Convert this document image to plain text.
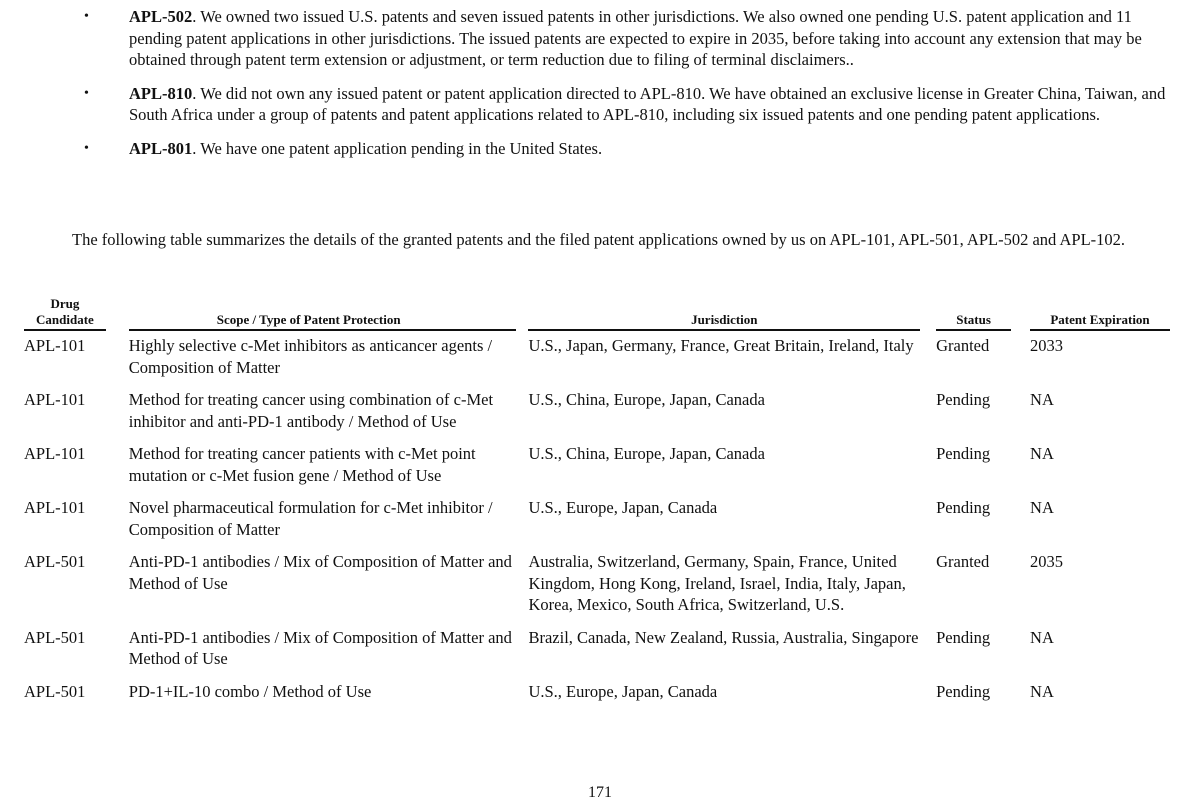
• APL-502. We owned two issued U.S. patents and seven issued patents in other jurisdictions. We also owned one pending U.S. patent application and 11 pending patent applications in other jurisdictions. The issued patents are expected to expire in 2035, before taking into account any extension that may be obtained through patent term extension or adjustment, or term reduction due to filing of terminal disclaimers..
• APL-810. We did not own any issued patent or patent application directed to APL-810. We have obtained an exclusive license in Greater China, Taiwan, and South Africa under a group of patents and patent applications related to APL-810, including six issued patents and one pending patent applications.
• APL-801. We have one patent application pending in the United States.
The following table summarizes the details of the granted patents and the filed patent applications owned by us on APL-101, APL-501, APL-502 and APL-102.
Drug Candidate		Scope / Type of Patent Protection		Jurisdiction		Status		Patent Expiration
APL-101		Highly selective c-Met inhibitors as anticancer agents / Composition of Matter		U.S., Japan, Germany, France, Great Britain, Ireland, Italy		Granted		2033
APL-101		Method for treating cancer using combination of c-Met inhibitor and anti-PD-1 antibody / Method of Use		U.S., China, Europe, Japan, Canada		Pending		NA
APL-101		Method for treating cancer patients with c-Met point mutation or c-Met fusion gene / Method of Use		U.S., China, Europe, Japan, Canada		Pending		NA
APL-101		Novel pharmaceutical formulation for c-Met inhibitor / Composition of Matter		U.S., Europe, Japan, Canada		Pending		NA
APL-501		Anti-PD-1 antibodies / Mix of Composition of Matter and Method of Use		Australia, Switzerland, Germany, Spain, France, United Kingdom, Hong Kong, Ireland, Israel, India, Italy, Japan, Korea, Mexico, South Africa, Switzerland, U.S.		Granted		2035
APL-501		Anti-PD-1 antibodies / Mix of Composition of Matter and Method of Use		Brazil, Canada, New Zealand, Russia, Australia, Singapore		Pending		NA
APL-501		PD-1+IL-10 combo / Method of Use		U.S., Europe, Japan, Canada		Pending		NA
171
